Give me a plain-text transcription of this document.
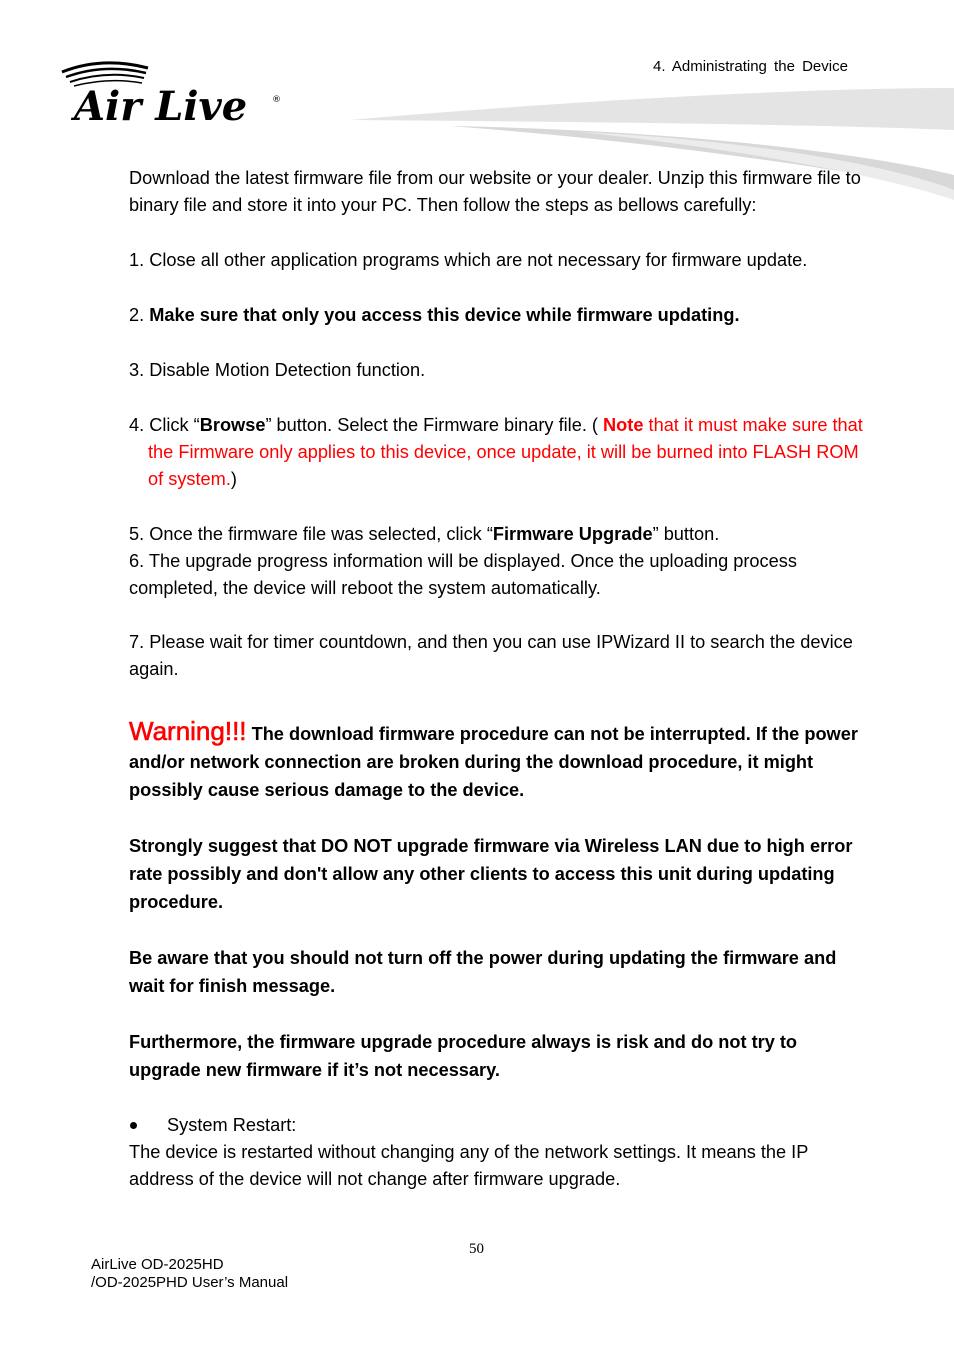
Air Live	®
4. Administrating the Device

Download the latest firmware file from our website or your dealer. Unzip this firmware file to binary file and store it into your PC. Then follow the steps as bellows carefully:

1. Close all other application programs which are not necessary for firmware update.

2. Make sure that only you access this device while firmware updating.

3. Disable Motion Detection function.

4. Click “Browse” button. Select the Firmware binary file. ( Note that it must make sure that the Firmware only applies to this device, once update, it will be burned into FLASH ROM of system.)

5. Once the firmware file was selected, click “Firmware Upgrade” button.

6. The upgrade progress information will be displayed. Once the uploading process completed, the device will reboot the system automatically.

7. Please wait for timer countdown, and then you can use IPWizard II to search the device again.

Warning!!! The download firmware procedure can not be interrupted. If the power and/or network connection are broken during the download procedure, it might possibly cause serious damage to the device.

Strongly suggest that DO NOT upgrade firmware via Wireless LAN due to high error rate possibly and don't allow any other clients to access this unit during updating procedure.

Be aware that you should not turn off the power during updating the firmware and wait for finish message.

Furthermore, the firmware upgrade procedure always is risk and do not try to upgrade new firmware if it’s not necessary.

System Restart:

The device is restarted without changing any of the network settings. It means the IP address of the device will not change after firmware upgrade.

50
AirLive OD-2025HD
/OD-2025PHD User’s Manual
